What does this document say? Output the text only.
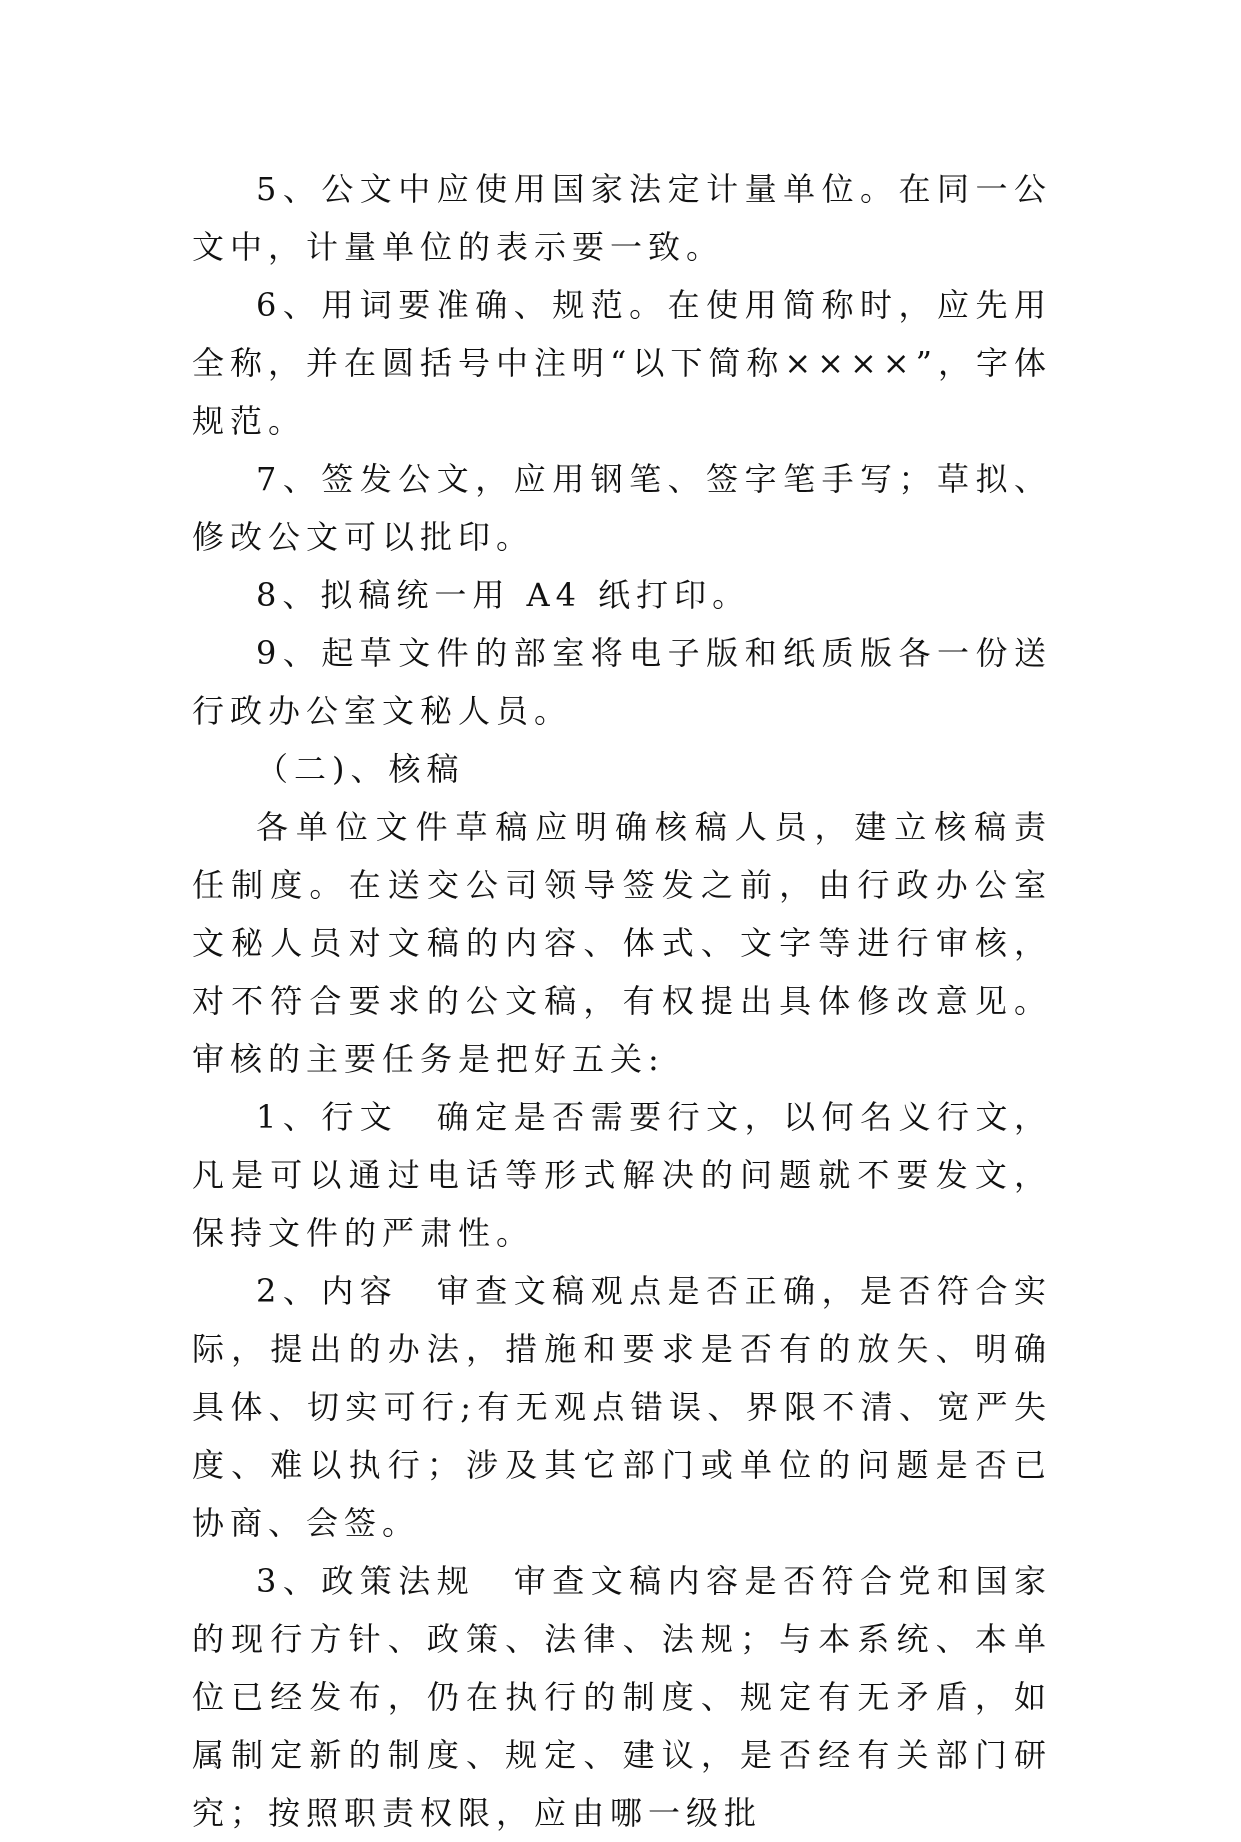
5、公文中应使用国家法定计量单位。在同一公文中，计量单位的表示要一致。

6、用词要准确、规范。在使用简称时，应先用全称，并在圆括号中注明“以下简称××××”，字体规范。

7、签发公文，应用钢笔、签字笔手写；草拟、修改公文可以批印。

8、拟稿统一用 A4 纸打印。

9、起草文件的部室将电子版和纸质版各一份送行政办公室文秘人员。

（二)、核稿

各单位文件草稿应明确核稿人员，建立核稿责任制度。在送交公司领导签发之前，由行政办公室文秘人员对文稿的内容、体式、文字等进行审核，对不符合要求的公文稿，有权提出具体修改意见。审核的主要任务是把好五关:

1、行文　确定是否需要行文，以何名义行文，凡是可以通过电话等形式解决的问题就不要发文，保持文件的严肃性。

2、内容　审查文稿观点是否正确，是否符合实际，提出的办法，措施和要求是否有的放矢、明确具体、切实可行;有无观点错误、界限不清、宽严失度、难以执行；涉及其它部门或单位的问题是否已协商、会签。

3、政策法规　审查文稿内容是否符合党和国家的现行方针、政策、法律、法规；与本系统、本单位已经发布，仍在执行的制度、规定有无矛盾，如属制定新的制度、规定、建议，是否经有关部门研究；按照职责权限，应由哪一级批
